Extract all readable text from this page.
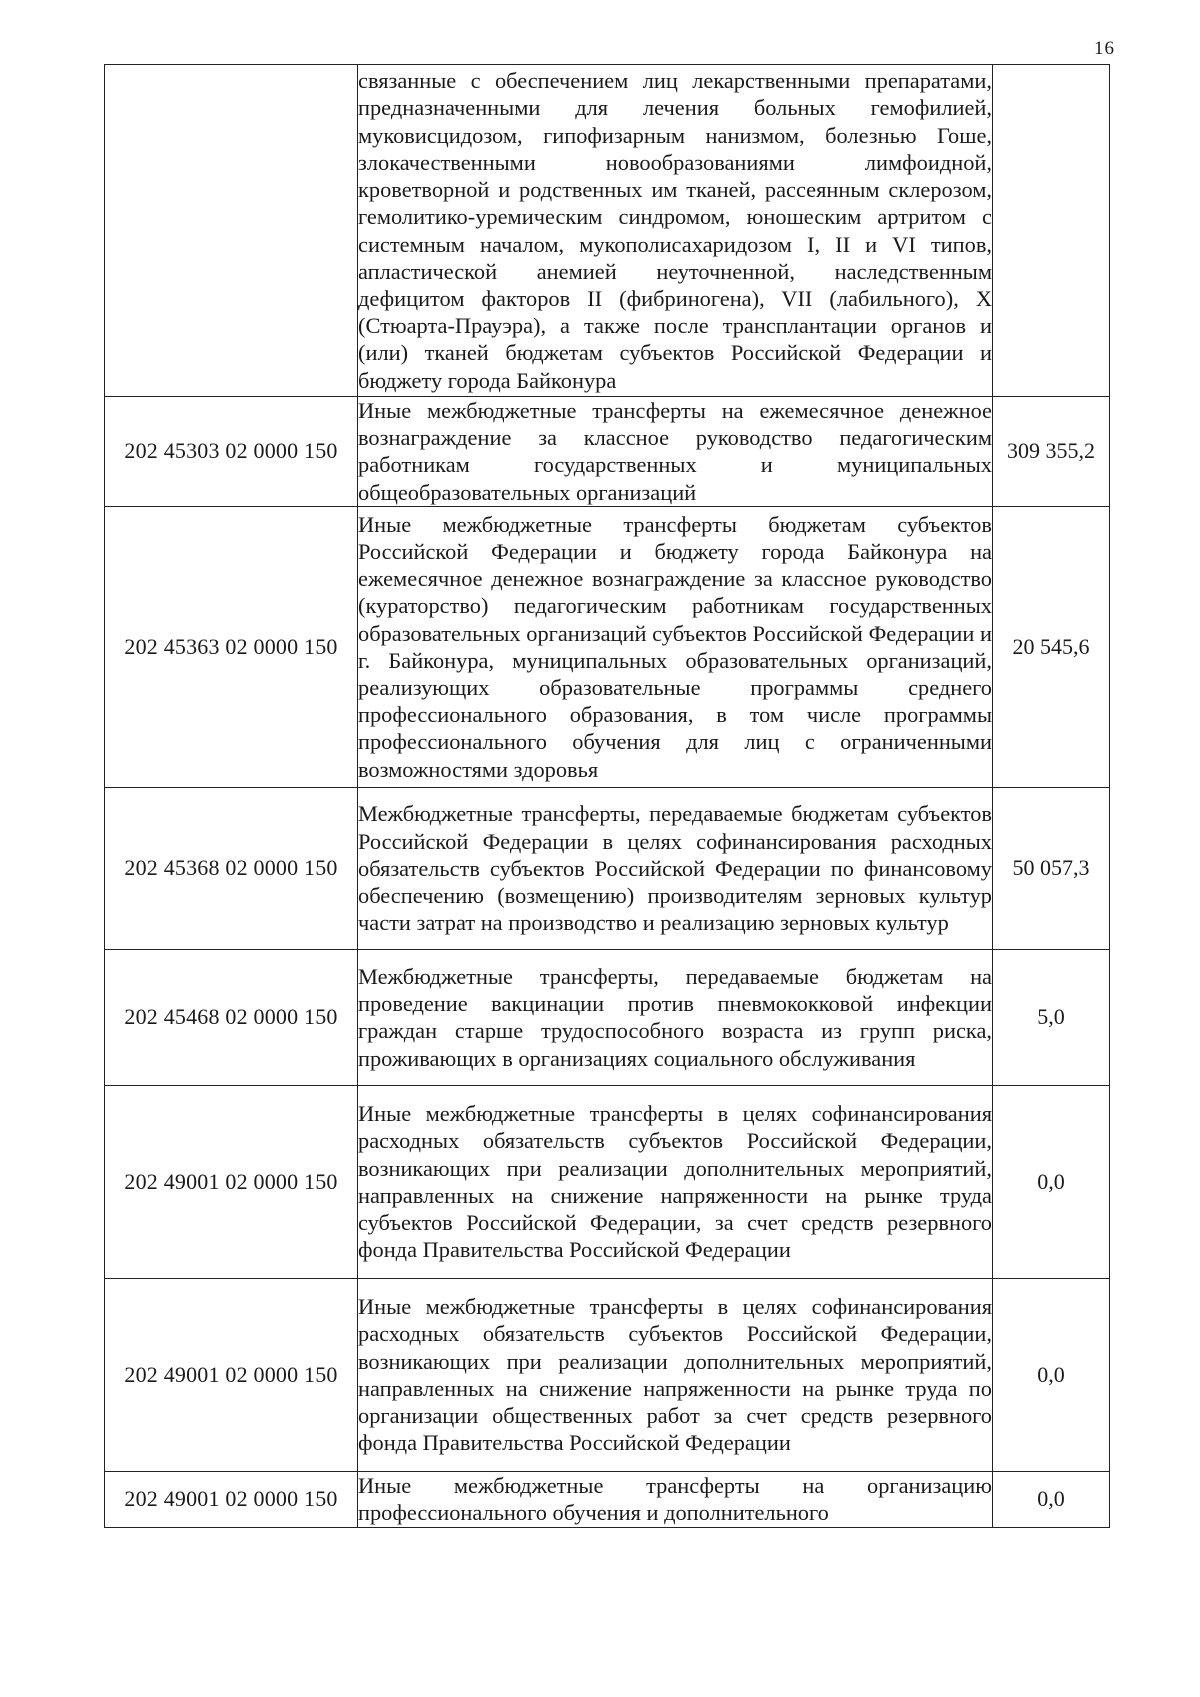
16

	связанные с обеспечением лиц лекарственными препаратами, предназначенными для лечения больных гемофилией, муковисцидозом, гипофизарным нанизмом, болезнью Гоше, злокачественными новообразованиями лимфоидной, кроветворной и родственных им тканей, рассеянным склерозом, гемолитико-уремическим синдромом, юношеским артритом с системным началом, мукополисахаридозом I, II и VI типов, апластической анемией неуточненной, наследственным дефицитом факторов II (фибриногена), VII (лабильного), X (Стюарта-Прауэра), а также после трансплантации органов и (или) тканей бюджетам субъектов Российской Федерации и бюджету города Байконура	

202 45303 02 0000 150	Иные межбюджетные трансферты на ежемесячное денежное вознаграждение за классное руководство педагогическим работникам государственных и муниципальных общеобразовательных организаций	309 355,2
202 45363 02 0000 150	Иные межбюджетные трансферты бюджетам субъектов Российской Федерации и бюджету города Байконура на ежемесячное денежное вознаграждение за классное руководство (кураторство) педагогическим работникам государственных образовательных организаций субъектов Российской Федерации и г. Байконура, муниципальных образовательных организаций, реализующих образовательные программы среднего профессионального образования, в том числе программы профессионального обучения для лиц с ограниченными возможностями здоровья	20 545,6
202 45368 02 0000 150	Межбюджетные трансферты, передаваемые бюджетам субъектов Российской Федерации в целях софинансирования расходных обязательств субъектов Российской Федерации по финансовому обеспечению (возмещению) производителям зерновых культур части затрат на производство и реализацию зерновых культур	50 057,3
202 45468 02 0000 150	Межбюджетные трансферты, передаваемые бюджетам на проведение вакцинации против пневмококковой инфекции граждан старше трудоспособного возраста из групп риска, проживающих в организациях социального обслуживания	5,0
202 49001 02 0000 150	Иные межбюджетные трансферты в целях софинансирования расходных обязательств субъектов Российской Федерации, возникающих при реализации дополнительных мероприятий, направленных на снижение напряженности на рынке труда субъектов Российской Федерации, за счет средств резервного фонда Правительства Российской Федерации	0,0
202 49001 02 0000 150	Иные межбюджетные трансферты в целях софинансирования расходных обязательств субъектов Российской Федерации, возникающих при реализации дополнительных мероприятий, направленных на снижение напряженности на рынке труда по организации общественных работ за счет средств резервного фонда Правительства Российской Федерации	0,0
202 49001 02 0000 150	Иные межбюджетные трансферты на организацию профессионального обучения и дополнительного	0,0
